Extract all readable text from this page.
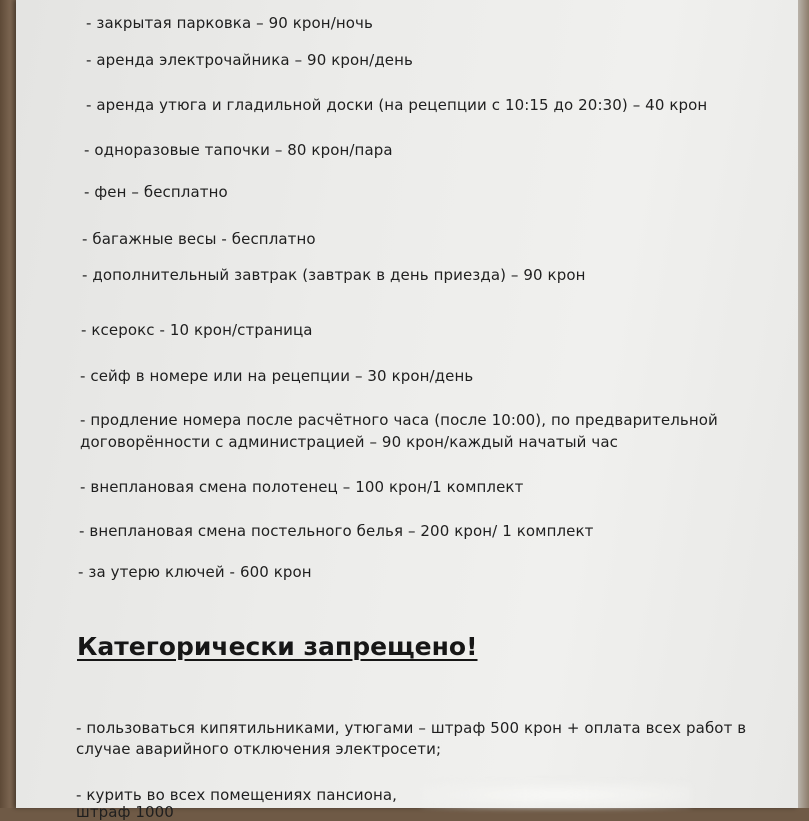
- закрытая парковка – 90 крон/ночь
- аренда электрочайника – 90 крон/день
- аренда утюга и гладильной доски (на рецепции с 10:15 до 20:30) – 40 крон
- одноразовые тапочки – 80 крон/пара
- фен – бесплатно
- багажные весы - бесплатно
- дополнительный завтрак (завтрак в день приезда) – 90 крон
- ксерокс - 10 крон/страница
- сейф в номере или на рецепции – 30 крон/день
- продление номера после расчётного часа (после 10:00), по предварительной
договорённости с администрацией – 90 крон/каждый начатый час
- внеплановая смена полотенец – 100 крон/1 комплект
- внеплановая смена постельного белья – 200 крон/ 1 комплект
- за утерю ключей - 600 крон
Категорически запрещено!
- пользоваться кипятильниками, утюгами – штраф 500 крон + оплата всех работ в
случае аварийного отключения электросети;
- курить во всех помещениях пансиона,
штраф 1000
